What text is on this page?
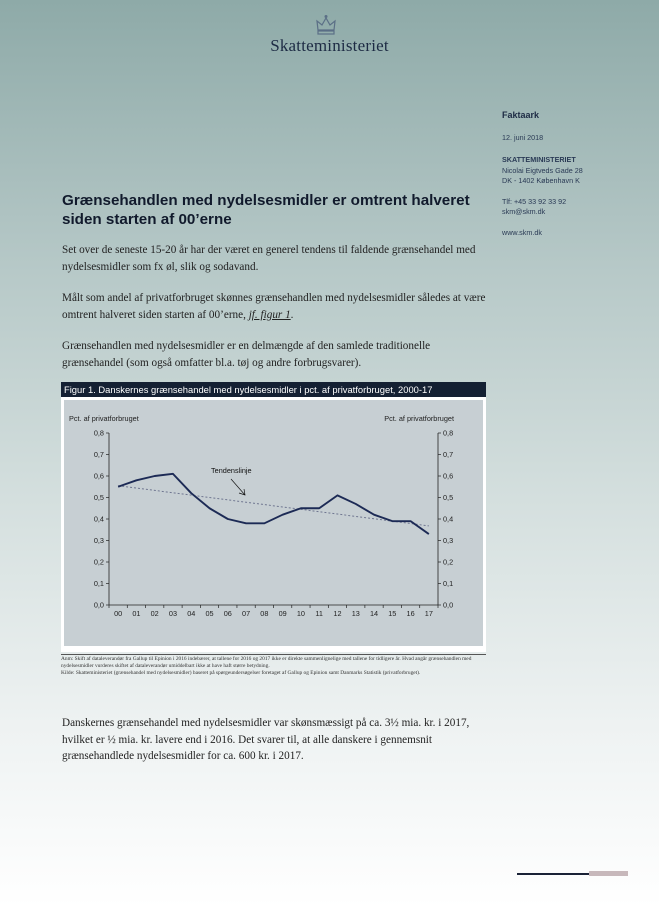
Skatteministeriet
Faktaark
12. juni 2018
SKATTEMINISTERIET
Nicolai Eigtveds Gade 28
DK - 1402 København K
Tlf: +45 33 92 33 92
skm@skm.dk
www.skm.dk
Grænsehandlen med nydelsesmidler er omtrent halveret siden starten af 00’erne
Set over de seneste 15-20 år har der været en generel tendens til faldende grænsehandel med nydelsesmidler som fx øl, slik og sodavand.
Målt som andel af privatforbruget skønnes grænsehandlen med nydelsesmidler således at være omtrent halveret siden starten af 00’erne, jf. figur 1.
Grænsehandlen med nydelsesmidler er en delmængde af den samlede traditionelle grænsehandel (som også omfatter bl.a. tøj og andre forbrugsvarer).
Figur 1. Danskernes grænsehandel med nydelsesmidler i pct. af privatforbruget, 2000-17
0,0	0,0
0,1	0,1
0,2	0,2
0,3	0,3
0,4	0,4
0,5	0,5
0,6	0,6
0,7	0,7
0,8	0,8
00 01 02 03 04 05 06 07 08 09 10 11 12 13 14 15 16 17
Pct. af privatforbruget	Pct. af privatforbruget
Tendenslinje
Anm: Skift af dataleverandør fra Gallup til Epinion i 2016 indebærer, at tallene for 2016 og 2017 ikke er direkte sammenlignelige med tallene for tidligere år. Hvad angår grænsehandlen med nydelsesmidler vurderes skiftet af dataleverandør umiddelbart ikke at have haft større betydning.
Kilde: Skatteministeriet (grænsehandel med nydelsesmidler) baseret på spørgeundersøgelser foretaget af Gallup og Epinion samt Danmarks Statistik (privatforbruget).
Danskernes grænsehandel med nydelsesmidler var skønsmæssigt på ca. 3½ mia. kr. i 2017, hvilket er ½ mia. kr. lavere end i 2016. Det svarer til, at alle danskere i gennemsnit grænsehandlede nydelsesmidler for ca. 600 kr. i 2017.
